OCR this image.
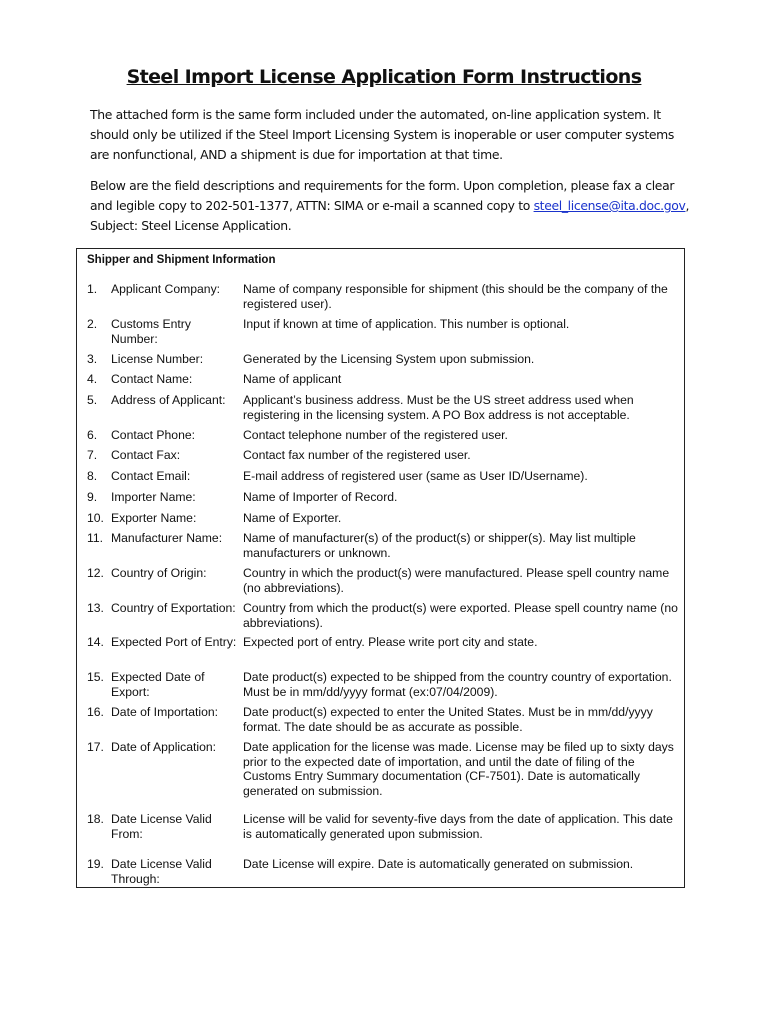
Steel Import License Application Form Instructions
The attached form is the same form included under the automated, on-line application system. It should only be utilized if the Steel Import Licensing System is inoperable or user computer systems are nonfunctional, AND a shipment is due for importation at that time.
Below are the field descriptions and requirements for the form. Upon completion, please fax a clear and legible copy to 202-501-1377, ATTN: SIMA or e-mail a scanned copy to steel_license@ita.doc.gov, Subject: Steel License Application.
Shipper and Shipment Information
1. Applicant Company:	Name of company responsible for shipment (this should be the company of the registered user).
2. Customs Entry Number:
Input if known at time of application. This number is optional.
3. License Number:	Generated by the Licensing System upon submission.
4. Contact Name:	Name of applicant
5. Address of Applicant:	Applicant’s business address. Must be the US street address used when registering in the licensing system. A PO Box address is not acceptable.
6. Contact Phone:	Contact telephone number of the registered user.
7. Contact Fax:	Contact fax number of the registered user.
8. Contact Email:	E-mail address of registered user (same as User ID/Username).
9. Importer Name:	Name of Importer of Record.
10. Exporter Name:	Name of Exporter.
11. Manufacturer Name:	Name of manufacturer(s) of the product(s) or shipper(s). May list multiple manufacturers or unknown.
12. Country of Origin:	Country in which the product(s) were manufactured. Please spell country name (no abbreviations).
13. Country of Exportation: Country from which the product(s) were exported. Please spell country name (no abbreviations).
14. Expected Port of Entry: Expected port of entry. Please write port city and state.
15. Expected Date of Export:
Date product(s) expected to be shipped from the country country of exportation. Must be in mm/dd/yyyy format (ex:07/04/2009).
16. Date of Importation:	Date product(s) expected to enter the United States. Must be in mm/dd/yyyy format. The date should be as accurate as possible.
17. Date of Application:	Date application for the license was made. License may be filed up to sixty days prior to the expected date of importation, and until the date of filing of the Customs Entry Summary documentation (CF-7501). Date is automatically generated on submission.
18. Date License Valid From:
License will be valid for seventy-five days from the date of application. This date is automatically generated upon submission.
19. Date License Valid Through:
Date License will expire. Date is automatically generated on submission.
